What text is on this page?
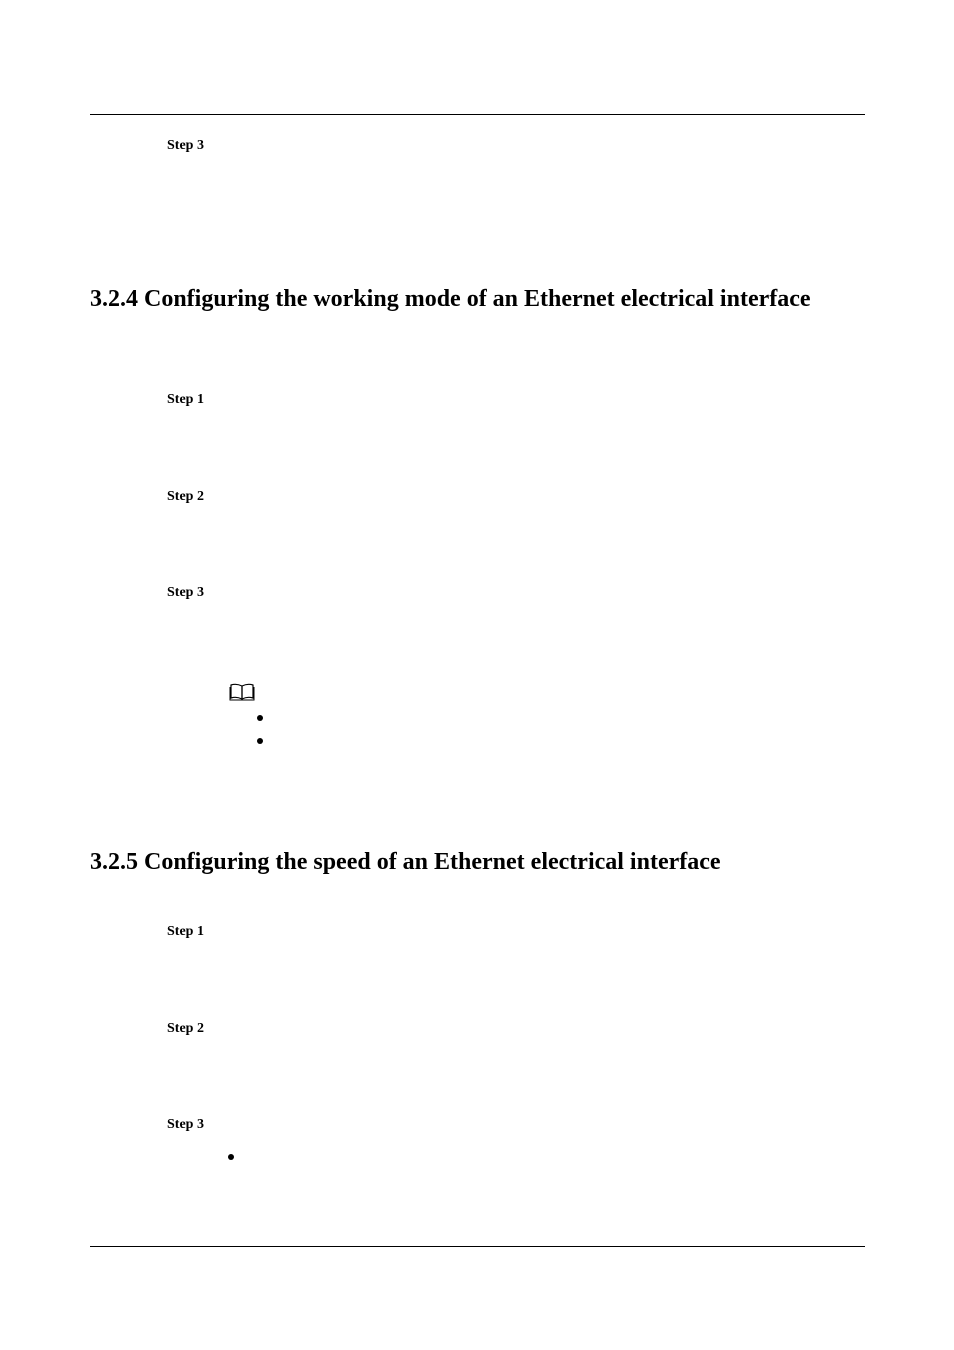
Step 3
3.2.4 Configuring the working mode of an Ethernet electrical interface
Step 1
Step 2
Step 3
3.2.5 Configuring the speed of an Ethernet electrical interface
Step 1
Step 2
Step 3
